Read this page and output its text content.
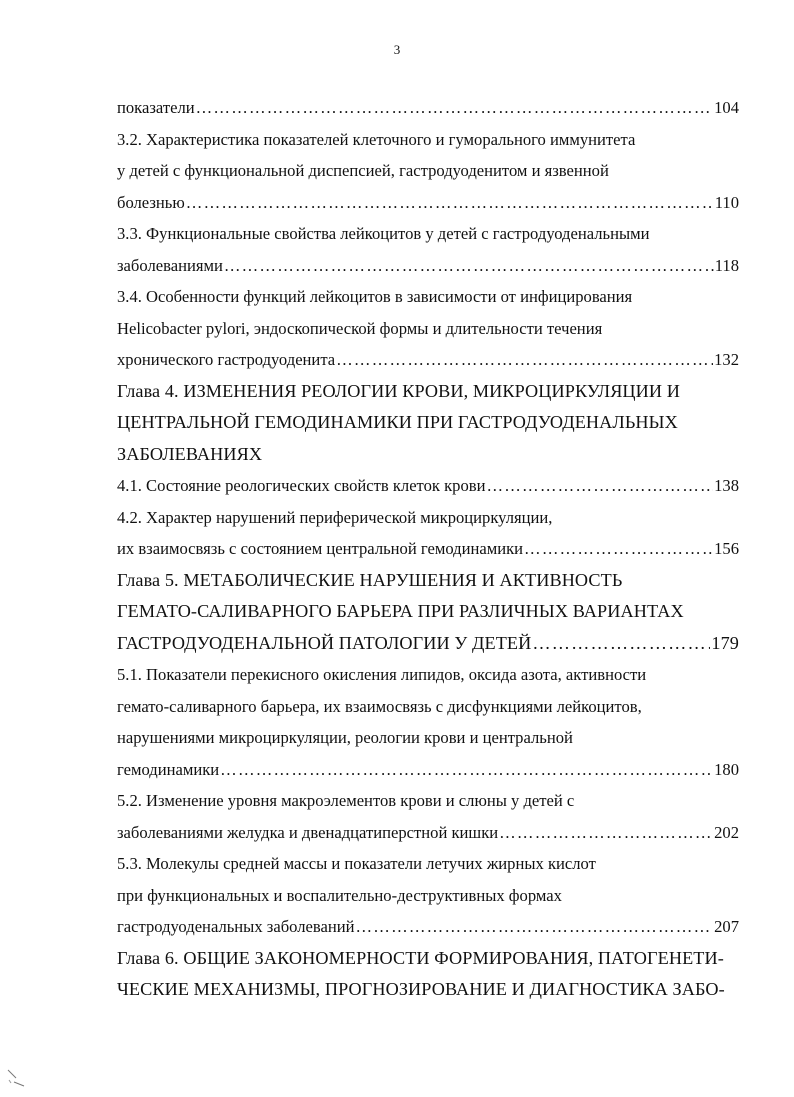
3
показатели ………………………………………………………………………………………………………………………………………………………………	104
3.2. Характеристика показателей клеточного и гуморального иммунитета
у детей с функциональной диспепсией, гастродуоденитом и язвенной
болезнью ………………………………………………………………………………………………………………………………………………………………	110
3.3. Функциональные свойства лейкоцитов у детей с гастродуоденальными
заболеваниями ………………………………………………………………………………………………………………………………………………………………	118
3.4. Особенности функций лейкоцитов в зависимости от инфицирования
Helicobacter pylori, эндоскопической формы и длительности течения
хронического гастродуоденита ………………………………………………………………………………………………………………………………………………………………	132
Глава 4. ИЗМЕНЕНИЯ РЕОЛОГИИ КРОВИ, МИКРОЦИРКУЛЯЦИИ И
ЦЕНТРАЛЬНОЙ ГЕМОДИНАМИКИ ПРИ ГАСТРОДУОДЕНАЛЬНЫХ
ЗАБОЛЕВАНИЯХ
4.1. Состояние реологических свойств клеток крови ………………………………………………………………………………………………………………………………………………………………	138
4.2. Характер нарушений периферической микроциркуляции,
их взаимосвязь с состоянием центральной гемодинамики ………………………………………………………………………………………………………………………………………………………………	156
Глава 5. МЕТАБОЛИЧЕСКИЕ НАРУШЕНИЯ И АКТИВНОСТЬ
ГЕМАТО-САЛИВАРНОГО БАРЬЕРА ПРИ РАЗЛИЧНЫХ ВАРИАНТАХ
ГАСТРОДУОДЕНАЛЬНОЙ ПАТОЛОГИИ У ДЕТЕЙ ………………………………………………………………………………………………………………………………………………………………	179
5.1. Показатели перекисного окисления липидов, оксида азота, активности
гемато-саливарного барьера, их взаимосвязь с дисфункциями лейкоцитов,
нарушениями микроциркуляции, реологии крови и центральной
гемодинамики ………………………………………………………………………………………………………………………………………………………………	180
5.2. Изменение уровня макроэлементов крови и слюны у детей с
заболеваниями желудка и двенадцатиперстной кишки ………………………………………………………………………………………………………………………………………………………………	202
5.3. Молекулы средней массы и показатели летучих жирных кислот
при функциональных и воспалительно-деструктивных формах
гастродуоденальных заболеваний ………………………………………………………………………………………………………………………………………………………………	207
Глава 6. ОБЩИЕ ЗАКОНОМЕРНОСТИ ФОРМИРОВАНИЯ, ПАТОГЕНЕТИ-
ЧЕСКИЕ МЕХАНИЗМЫ, ПРОГНОЗИРОВАНИЕ И ДИАГНОСТИКА ЗАБО-
